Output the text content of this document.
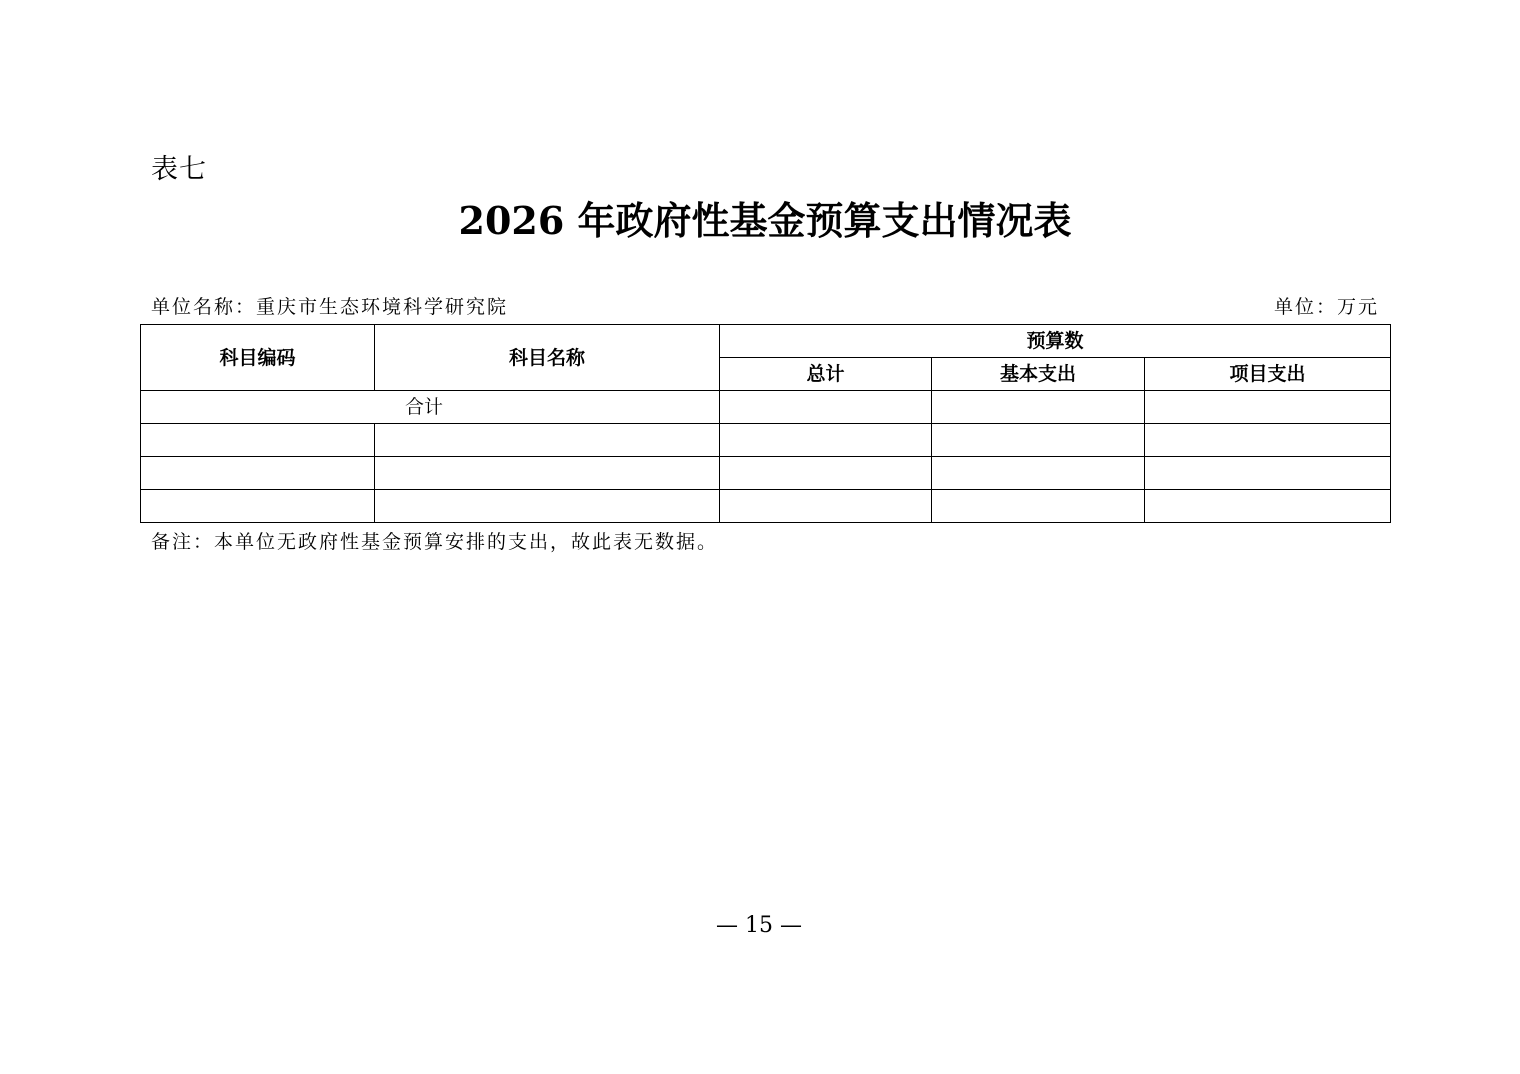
表七
2026 年政府性基金预算支出情况表
单位名称：重庆市生态环境科学研究院	单位：万元
科目编码	科目名称	预算数		
		总计	基本支出	项目支出
合计				

备注：本单位无政府性基金预算安排的支出，故此表无数据。
— 15 —
